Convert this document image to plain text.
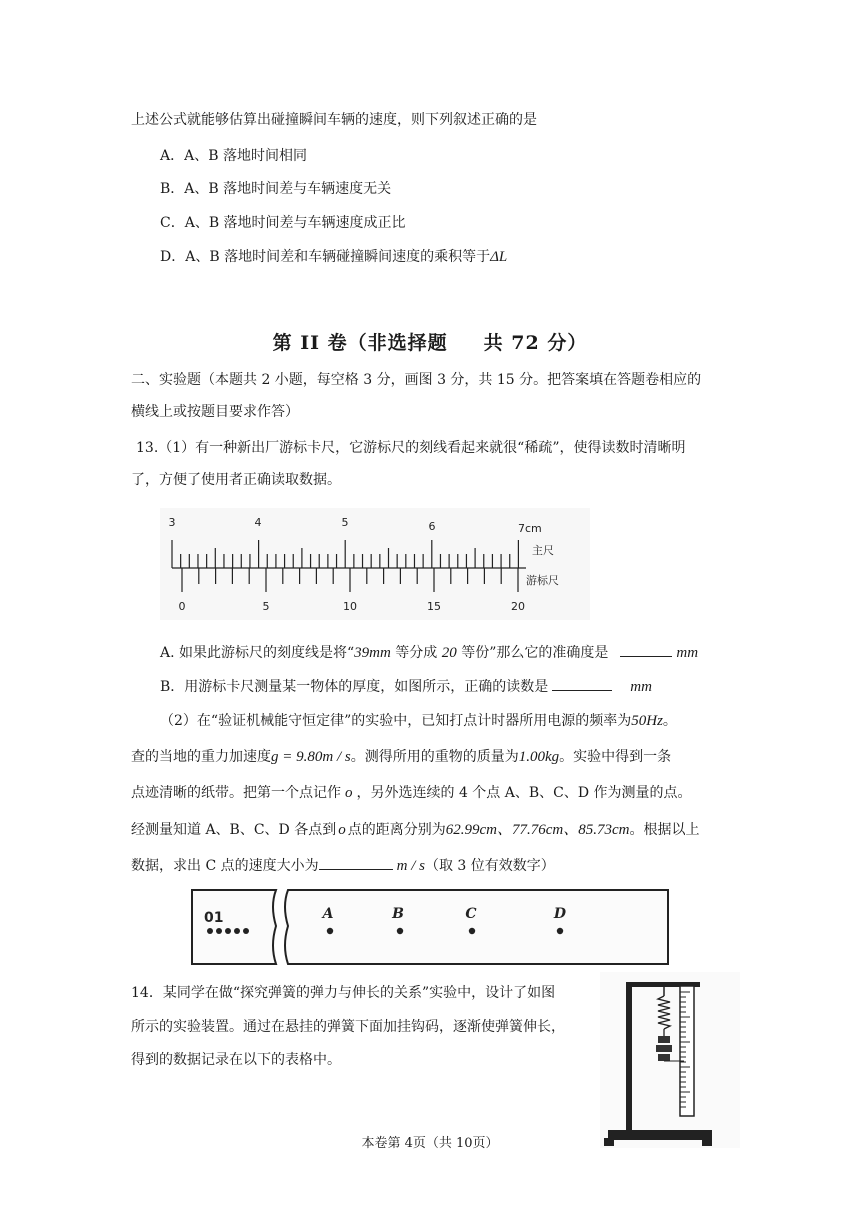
上述公式就能够估算出碰撞瞬间车辆的速度，则下列叙述正确的是
A．A、B 落地时间相同
B．A、B 落地时间差与车辆速度无关
C．A、B 落地时间差与车辆速度成正比
D．A、B 落地时间差和车辆碰撞瞬间速度的乘积等于ΔL
第 II 卷（非选择题 共 72 分）
二、实验题（本题共 2 小题，每空格 3 分，画图 3 分，共 15 分。把答案填在答题卷相应的
横线上或按题目要求作答）
13.（1）有一种新出厂游标卡尺，它游标尺的刻线看起来就很“稀疏”，使得读数时清晰明
了，方便了使用者正确读取数据。
3	4	5	6	7cm
主尺
0	5	10	15	20
游标尺
A. 如果此游标尺的刻度线是将“39mm 等分成 20 等份”那么它的准确度是	mm
B．用游标卡尺测量某一物体的厚度，如图所示，正确的读数是	mm
（2）在“验证机械能守恒定律”的实验中，已知打点计时器所用电源的频率为50Hz。
查的当地的重力加速度g = 9.80m / s。测得所用的重物的质量为1.00kg。实验中得到一条
点迹清晰的纸带。把第一个点记作 o ，另外选连续的 4 个点 A、B、C、D 作为测量的点。
经测量知道 A、B、C、D 各点到 o 点的距离分别为62.99cm、77.76cm、85.73cm。根据以上
数据，求出 C 点的速度大小为	m / s（取 3 位有效数字）
01	A	B	C	D
14．某同学在做“探究弹簧的弹力与伸长的关系”实验中，设计了如图
所示的实验装置。通过在悬挂的弹簧下面加挂钩码，逐渐使弹簧伸长，
得到的数据记录在以下的表格中。
本卷第 4页（共 10页）
